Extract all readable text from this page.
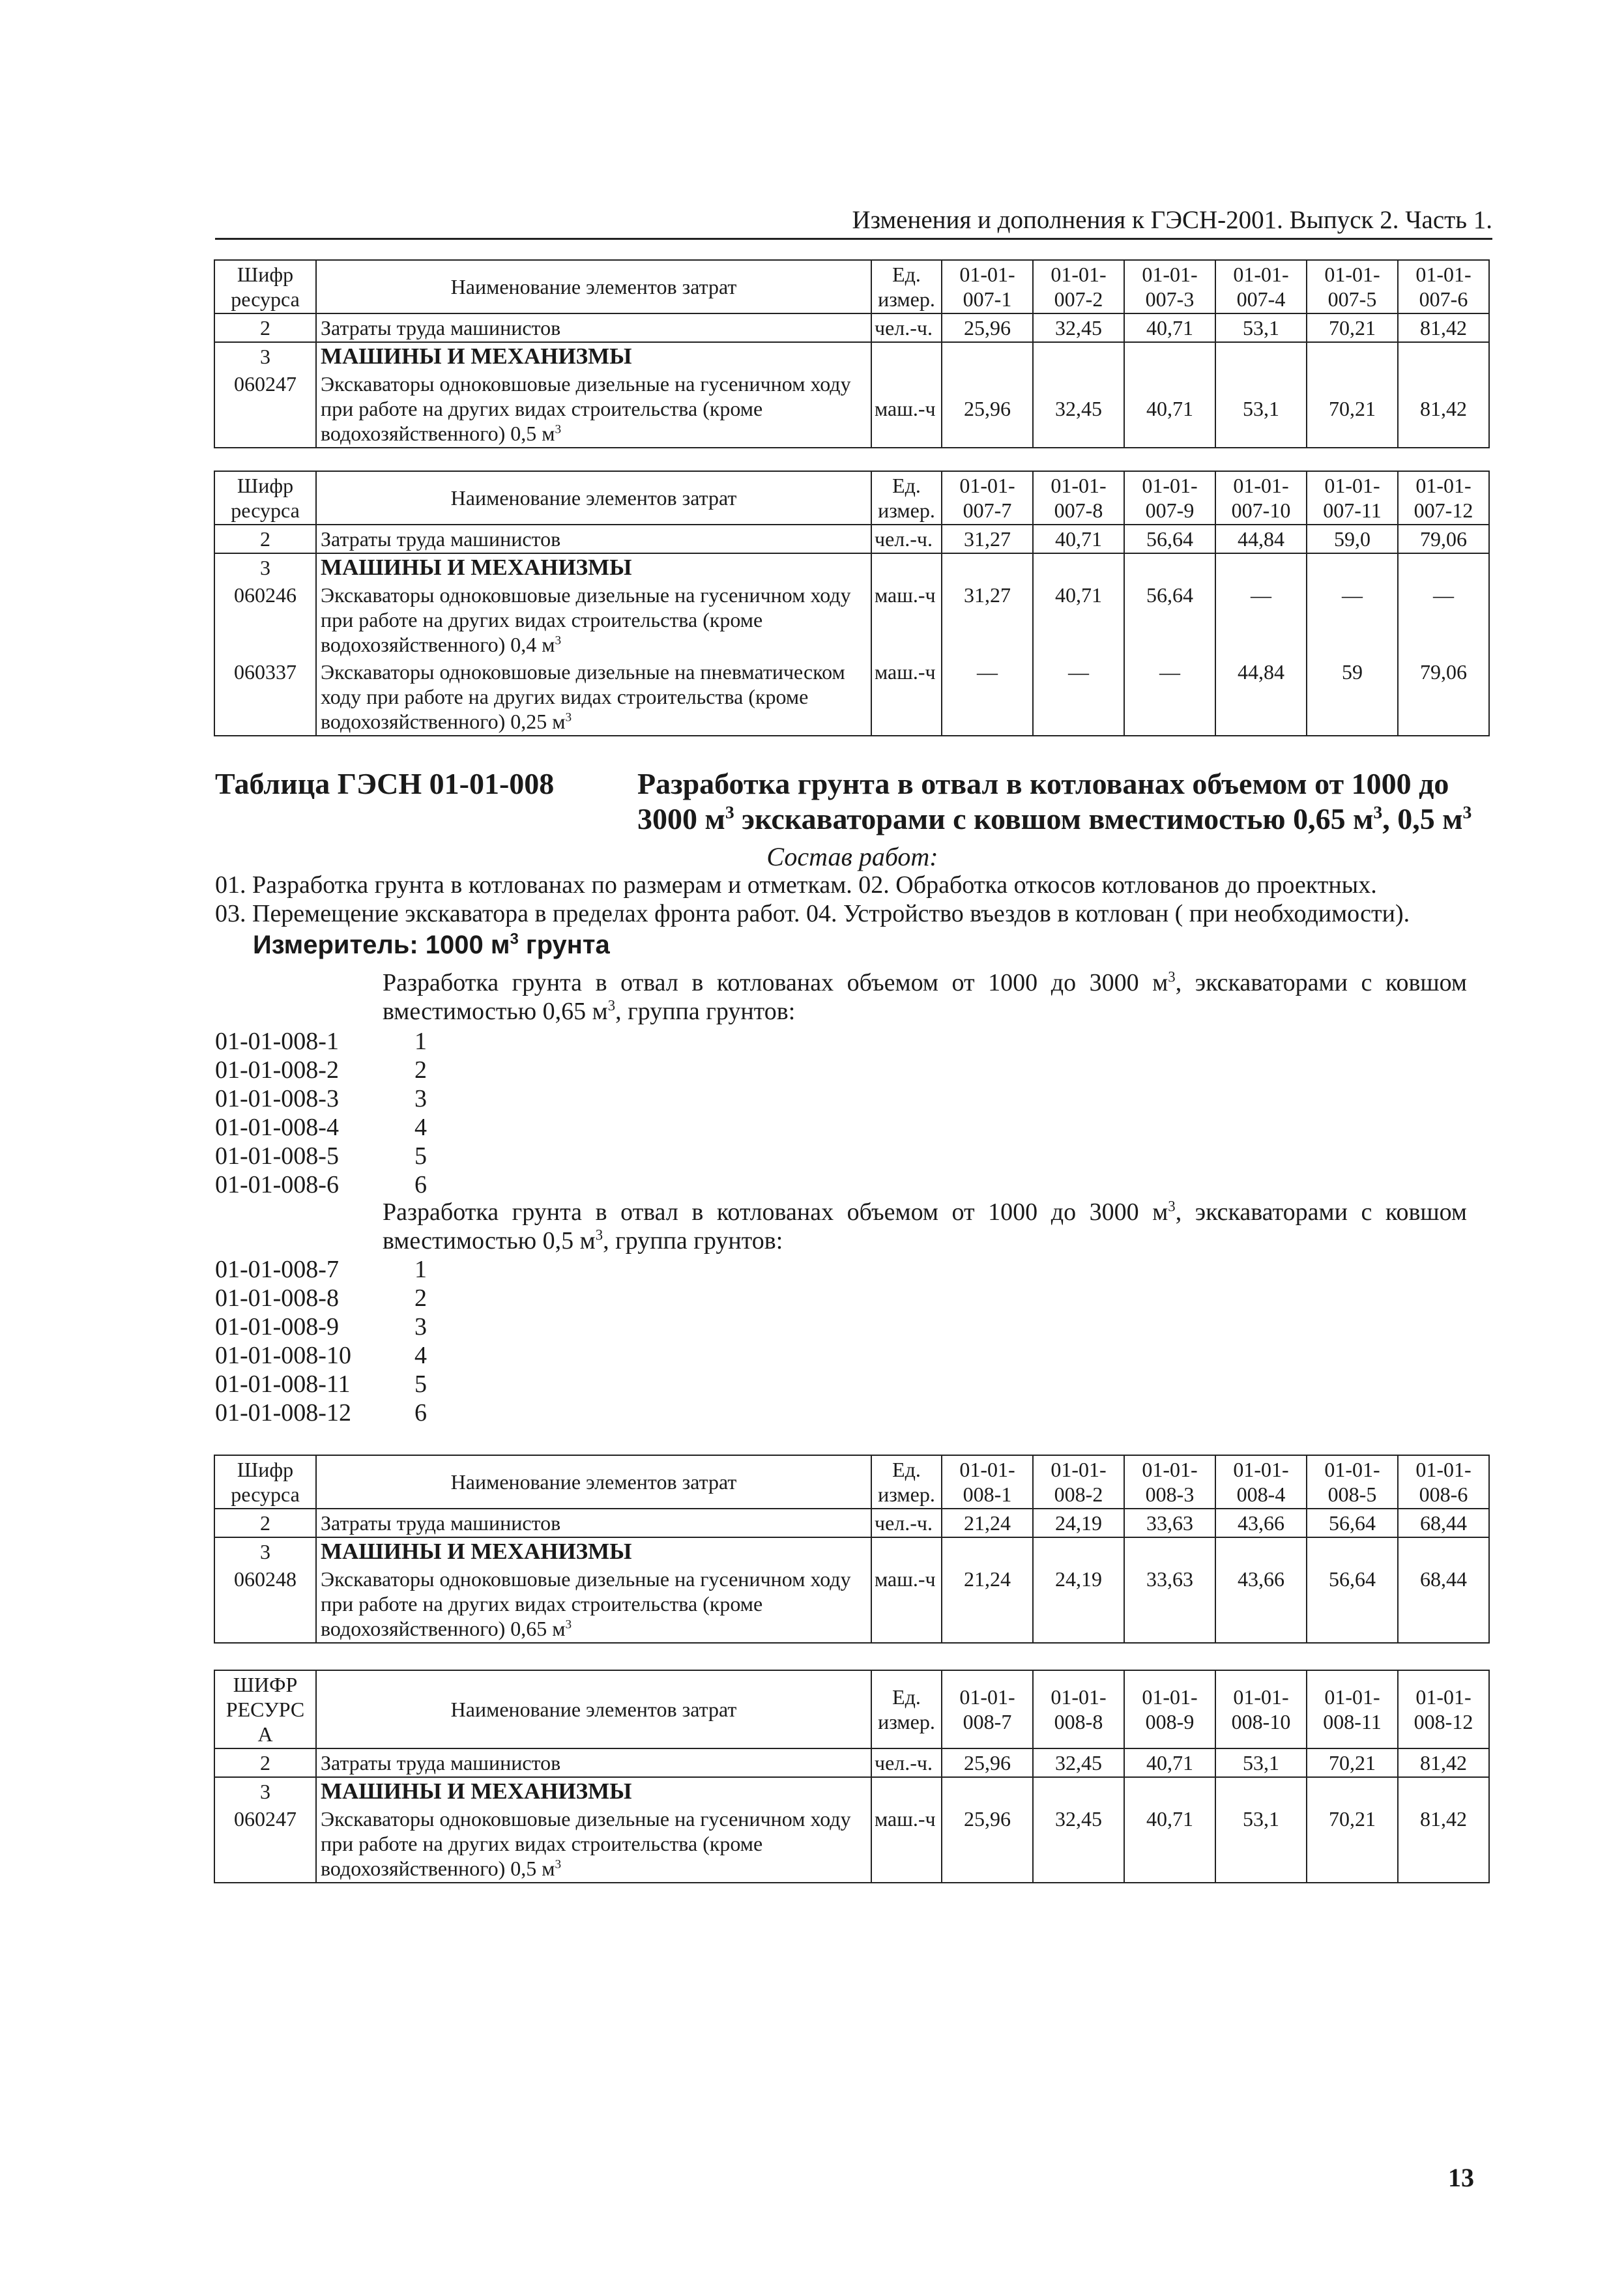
Изменения и дополнения к ГЭСН-2001. Выпуск 2. Часть 1.
Шифр ресурса	Наименование элементов затрат	Ед. измер.	01-01-007-1	01-01-007-2	01-01-007-3	01-01-007-4	01-01-007-5	01-01-007-6
2	Затраты труда машинистов	чел.-ч.	25,96	32,45	40,71	53,1	70,21	81,42
3	МАШИНЫ И МЕХАНИЗМЫ							
060247	Экскаваторы одноковшовые дизельные на гусеничном ходу при работе на других видах строительства (кроме водохозяйственного) 0,5 $м^3$	маш.-ч	25,96	32,45	40,71	53,1	70,21	81,42
Шифр ресурса	Наименование элементов затрат	Ед. измер.	01-01-007-7	01-01-007-8	01-01-007-9	01-01-007-10	01-01-007-11	01-01-007-12
2	Затраты труда машинистов	чел.-ч.	31,27	40,71	56,64	44,84	59,0	79,06
3	МАШИНЫ И МЕХАНИЗМЫ							
060246	Экскаваторы одноковшовые дизельные на гусеничном ходу при работе на других видах строительства (кроме водохозяйственного) 0,4 $м^3$	маш.-ч	31,27	40,71	56,64	—	—	—
060337	Экскаваторы одноковшовые дизельные на пневматическом ходу при работе на других видах строительства (кроме водохозяйственного) 0,25 $м^3$	маш.-ч	—	—	—	44,84	59	79,06
Таблица ГЭСН 01-01-008	Разработка грунта в отвал в котлованах объемом от 1000 до 3000 $м^3$ экскаваторами с ковшом вместимостью 0,65 $м^3$, 0,5 $м^3$
Состав работ:

01. Разработка грунта в котлованах по размерам и отметкам. 02. Обработка откосов котлованов до проектных.

03. Перемещение экскаватора в пределах фронта работ. 04. Устройство въездов в котлован ( при необходимости).

Измеритель: 1000 $м^3$ грунта
Разработка грунта в отвал в котлованах объемом от 1000 до 3000 $м^3$, экскаваторами с ковшом вместимостью 0,65 $м^3$, группа грунтов:
01-01-008-1	1
01-01-008-2	2
01-01-008-3	3
01-01-008-4	4
01-01-008-5	5
01-01-008-6	6
Разработка грунта в отвал в котлованах объемом от 1000 до 3000 $м^3$, экскаваторами с ковшом вместимостью 0,5 $м^3$, группа грунтов:
01-01-008-7	1
01-01-008-8	2
01-01-008-9	3
01-01-008-10	4
01-01-008-11	5
01-01-008-12	6
Шифр ресурса	Наименование элементов затрат	Ед. измер.	01-01-008-1	01-01-008-2	01-01-008-3	01-01-008-4	01-01-008-5	01-01-008-6
2	Затраты труда машинистов	чел.-ч.	21,24	24,19	33,63	43,66	56,64	68,44
3	МАШИНЫ И МЕХАНИЗМЫ							
060248	Экскаваторы одноковшовые дизельные на гусеничном ходу при работе на других видах строительства (кроме водохозяйственного) 0,65 $м^3$	маш.-ч	21,24	24,19	33,63	43,66	56,64	68,44
ШИФР РЕСУРС А	Наименование элементов затрат	Ед. измер.	01-01-008-7	01-01-008-8	01-01-008-9	01-01-008-10	01-01-008-11	01-01-008-12
2	Затраты труда машинистов	чел.-ч.	25,96	32,45	40,71	53,1	70,21	81,42
3	МАШИНЫ И МЕХАНИЗМЫ							
060247	Экскаваторы одноковшовые дизельные на гусеничном ходу при работе на других видах строительства (кроме водохозяйственного) 0,5 $м^3$	маш.-ч	25,96	32,45	40,71	53,1	70,21	81,42
13
